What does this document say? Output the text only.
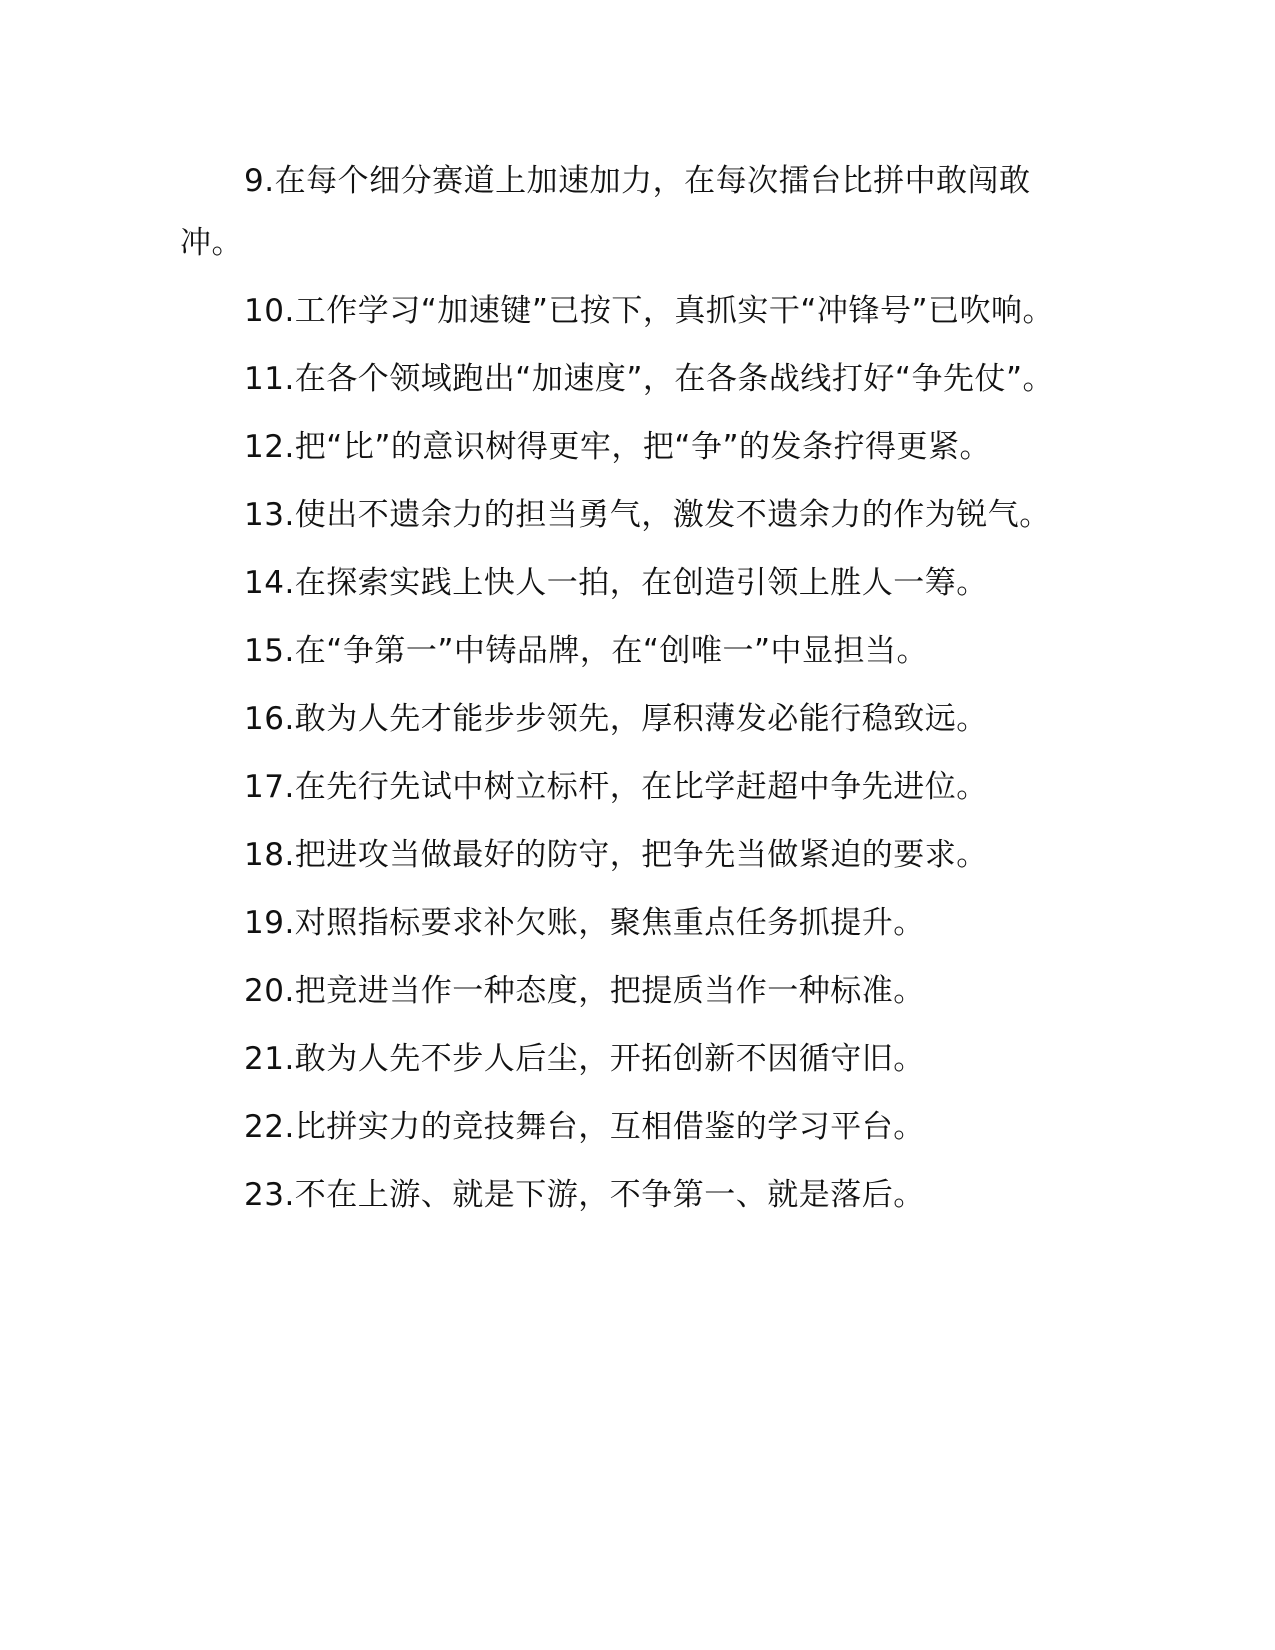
9.在每个细分赛道上加速加力，在每次擂台比拼中敢闯敢冲。

10.工作学习“加速键”已按下，真抓实干“冲锋号”已吹响。

11.在各个领域跑出“加速度”，在各条战线打好“争先仗”。

12.把“比”的意识树得更牢，把“争”的发条拧得更紧。

13.使出不遗余力的担当勇气，激发不遗余力的作为锐气。

14.在探索实践上快人一拍，在创造引领上胜人一筹。

15.在“争第一”中铸品牌，在“创唯一”中显担当。

16.敢为人先才能步步领先，厚积薄发必能行稳致远。

17.在先行先试中树立标杆，在比学赶超中争先进位。

18.把进攻当做最好的防守，把争先当做紧迫的要求。

19.对照指标要求补欠账，聚焦重点任务抓提升。

20.把竞进当作一种态度，把提质当作一种标准。

21.敢为人先不步人后尘，开拓创新不因循守旧。

22.比拼实力的竞技舞台，互相借鉴的学习平台。

23.不在上游、就是下游，不争第一、就是落后。
